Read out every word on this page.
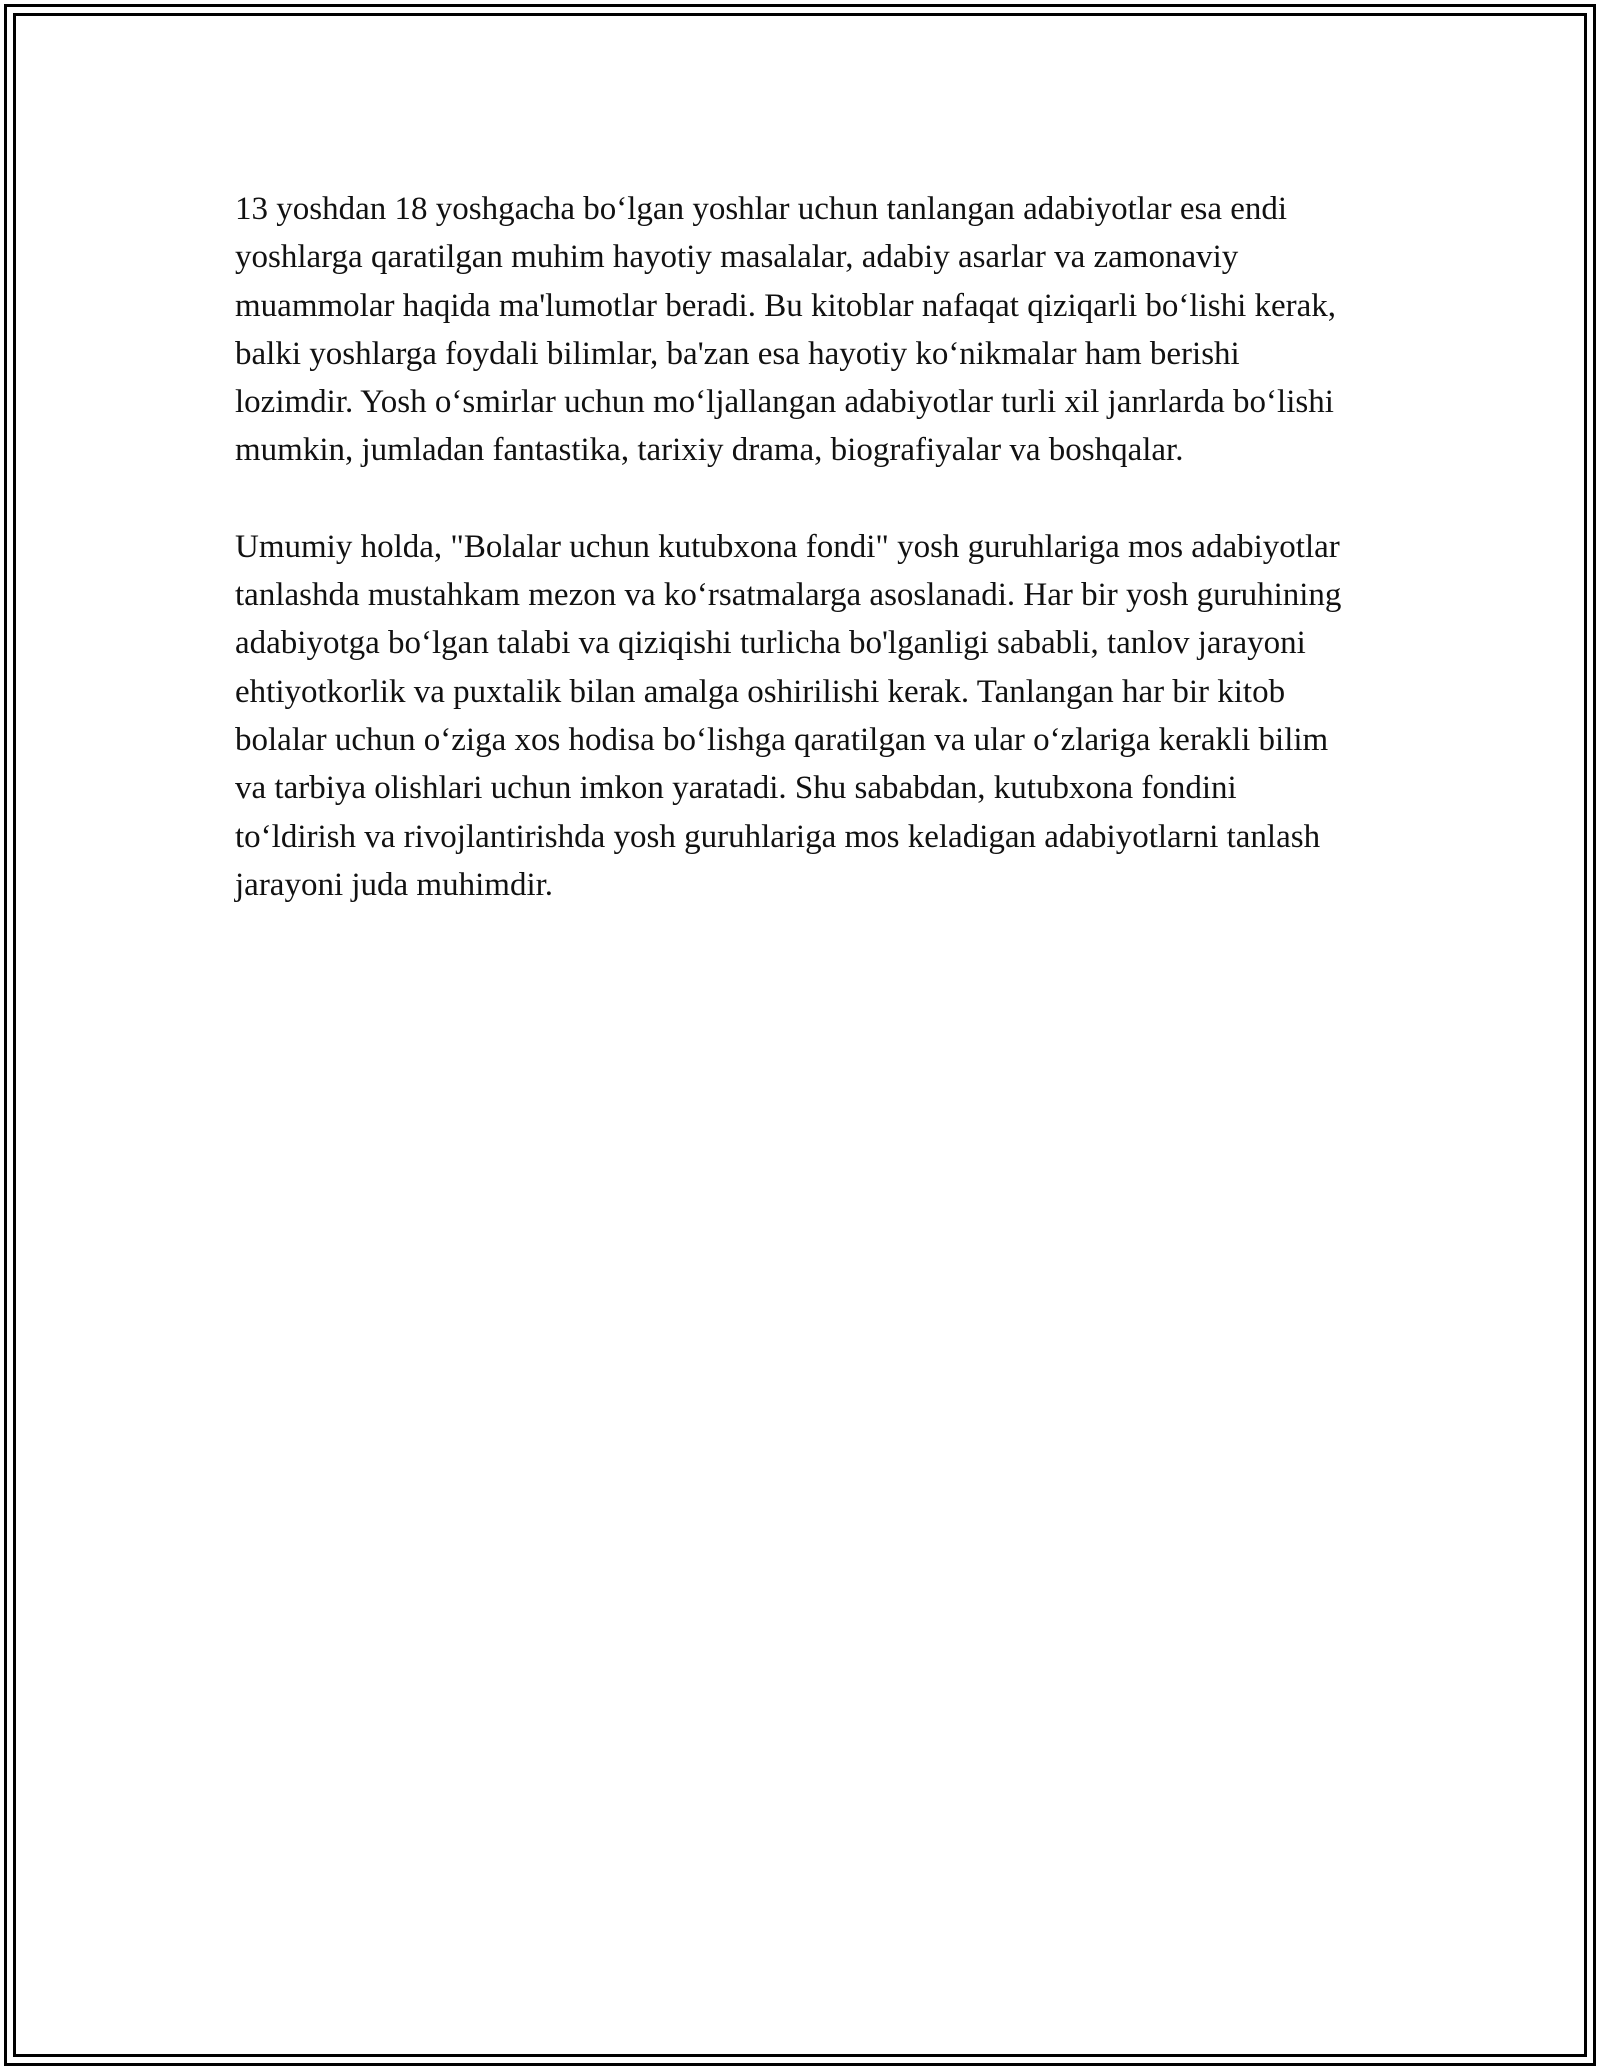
13 yoshdan 18 yoshgacha bo‘lgan yoshlar uchun tanlangan adabiyotlar esa endi yoshlarga qaratilgan muhim hayotiy masalalar, adabiy asarlar va zamonaviy muammolar haqida ma'lumotlar beradi. Bu kitoblar nafaqat qiziqarli bo‘lishi kerak, balki yoshlarga foydali bilimlar, ba'zan esa hayotiy ko‘nikmalar ham berishi lozimdir. Yosh o‘smirlar uchun mo‘ljallangan adabiyotlar turli xil janrlarda bo‘lishi mumkin, jumladan fantastika, tarixiy drama, biografiyalar va boshqalar.

Umumiy holda, "Bolalar uchun kutubxona fondi" yosh guruhlariga mos adabiyotlar tanlashda mustahkam mezon va ko‘rsatmalarga asoslanadi. Har bir yosh guruhining adabiyotga bo‘lgan talabi va qiziqishi turlicha bo'lganligi sababli, tanlov jarayoni ehtiyotkorlik va puxtalik bilan amalga oshirilishi kerak. Tanlangan har bir kitob bolalar uchun o‘ziga xos hodisa bo‘lishga qaratilgan va ular o‘zlariga kerakli bilim va tarbiya olishlari uchun imkon yaratadi. Shu sababdan, kutubxona fondini to‘ldirish va rivojlantirishda yosh guruhlariga mos keladigan adabiyotlarni tanlash jarayoni juda muhimdir.
